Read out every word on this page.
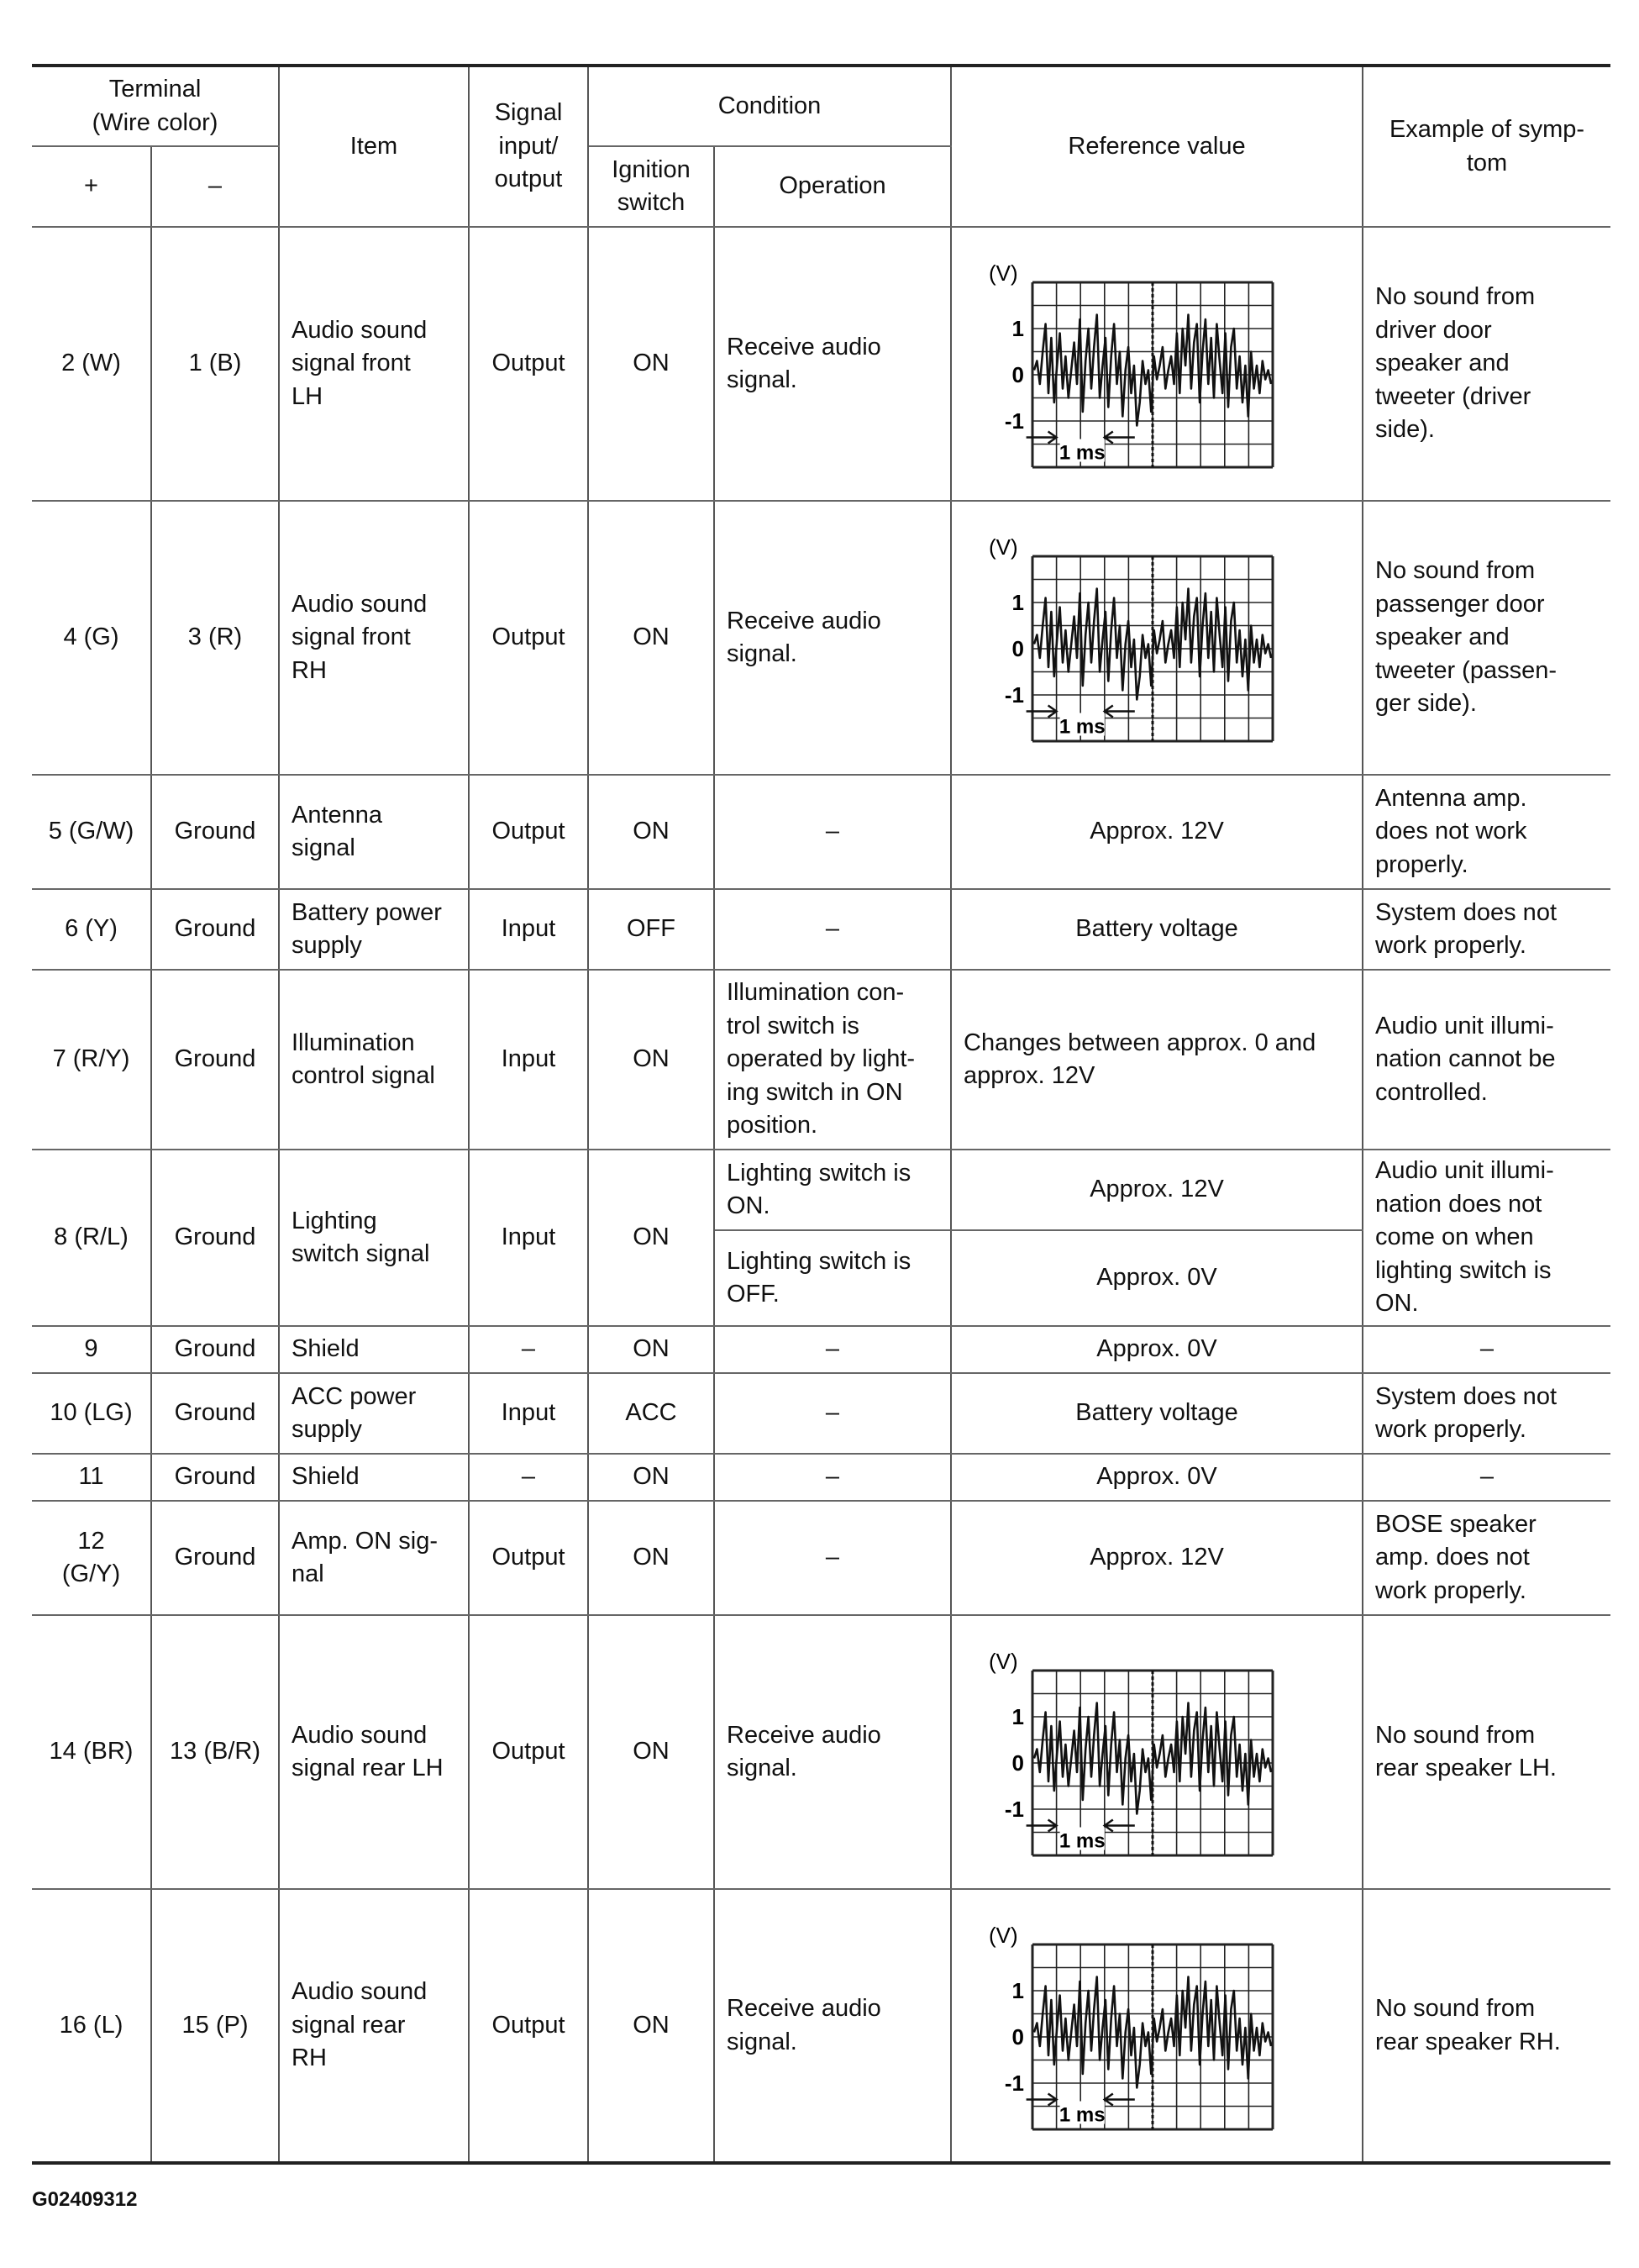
Terminal
(Wire color)		Item	Signal
input/
output	Condition		Reference value	Example of symp-
tom
+	–			Ignition
switch	Operation		
2 (W)	1 (B)	Audio sound
signal front
LH	Output	ON	Receive audio
signal.	(V)
1
0
-1
1 ms	No sound from
driver door
speaker and
tweeter (driver
side).
4 (G)	3 (R)	Audio sound
signal front
RH	Output	ON	Receive audio
signal.	(V)
1
0
-1
1 ms	No sound from
passenger door
speaker and
tweeter (passen-
ger side).
5 (G/W)	Ground	Antenna
signal	Output	ON	–	Approx. 12V	Antenna amp.
does not work
properly.
6 (Y)	Ground	Battery power
supply	Input	OFF	–	Battery voltage	System does not
work properly.
7 (R/Y)	Ground	Illumination
control signal	Input	ON	Illumination con-
trol switch is
operated by light-
ing switch in ON
position.	Changes between approx. 0 and
approx. 12V	Audio unit illumi-
nation cannot be
controlled.
8 (R/L)	Ground	Lighting
switch signal	Input	ON	Lighting switch is
ON.	Approx. 12V	Audio unit illumi-
nation does not
come on when
lighting switch is
ON.
					Lighting switch is
OFF.	Approx. 0V	
9	Ground	Shield	–	ON	–	Approx. 0V	–
10 (LG)	Ground	ACC power
supply	Input	ACC	–	Battery voltage	System does not
work properly.
11	Ground	Shield	–	ON	–	Approx. 0V	–
12
(G/Y)	Ground	Amp. ON sig-
nal	Output	ON	–	Approx. 12V	BOSE speaker
amp. does not
work properly.
14 (BR)	13 (B/R)	Audio sound
signal rear LH	Output	ON	Receive audio
signal.	(V)
1
0
-1
1 ms	No sound from
rear speaker LH.
16 (L)	15 (P)	Audio sound
signal rear
RH	Output	ON	Receive audio
signal.	(V)
1
0
-1
1 ms	No sound from
rear speaker RH.
G02409312
